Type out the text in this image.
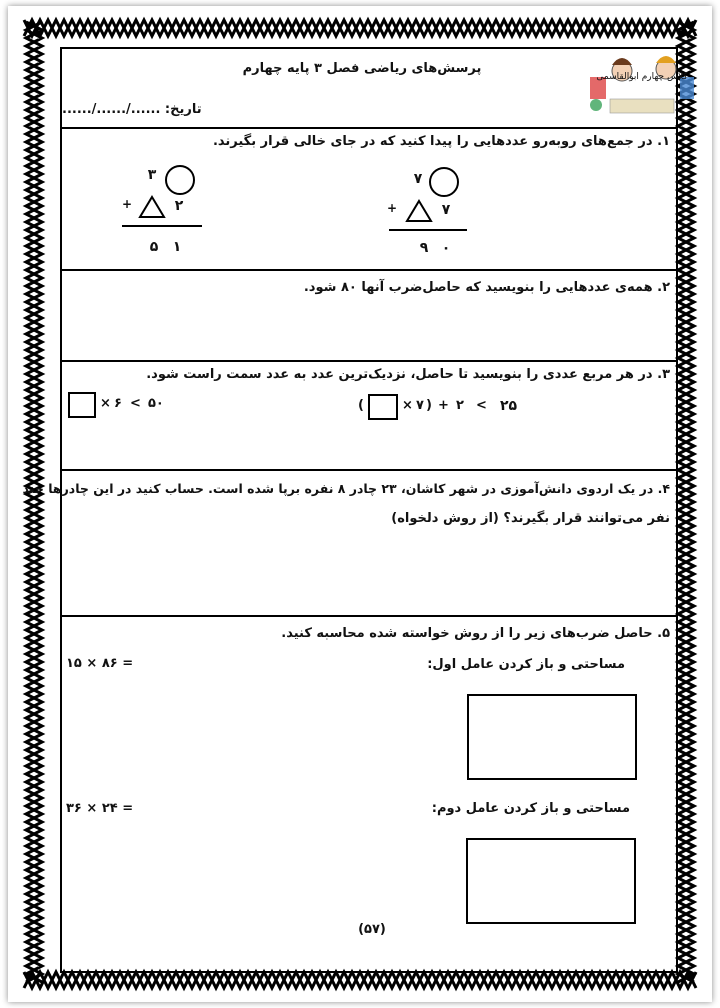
کلاس چهارم ابوالقاسمی
پرسش‌های ریاضی فصل ۳ پایه چهارم
تاریخ: ....../....../......
۱. در جمع‌های روبه‌رو عددهایی را پیدا کنید که در جای خالی قرار بگیرند.
۷
۷
+
۹ ۰
۳
۲
+
۵	۱
۲. همه‌ی عددهایی را بنویسید که حاصل‌ضرب آنها ۸۰ شود.
۳. در هر مربع عددی را بنویسید تا حاصل، نزدیک‌ترین عدد به عدد سمت راست شود.
(	× ۷ ) + ۲ < ۲۵
× ۶ < ۵۰
۴. در یک اردوی دانش‌آموزی در شهر کاشان، ۲۳ چادر ۸ نفره برپا شده است. حساب کنید در این چادرها چند
نفر می‌توانند قرار بگیرند؟ (از روش دلخواه)
۵. حاصل ضرب‌های زیر را از روش خواسته شده محاسبه کنید.
مساحتی و باز کردن عامل اول:
۱۵ × ۸۶ =
مساحتی و باز کردن عامل دوم:
۳۶ × ۲۴ =
(۵۷)
